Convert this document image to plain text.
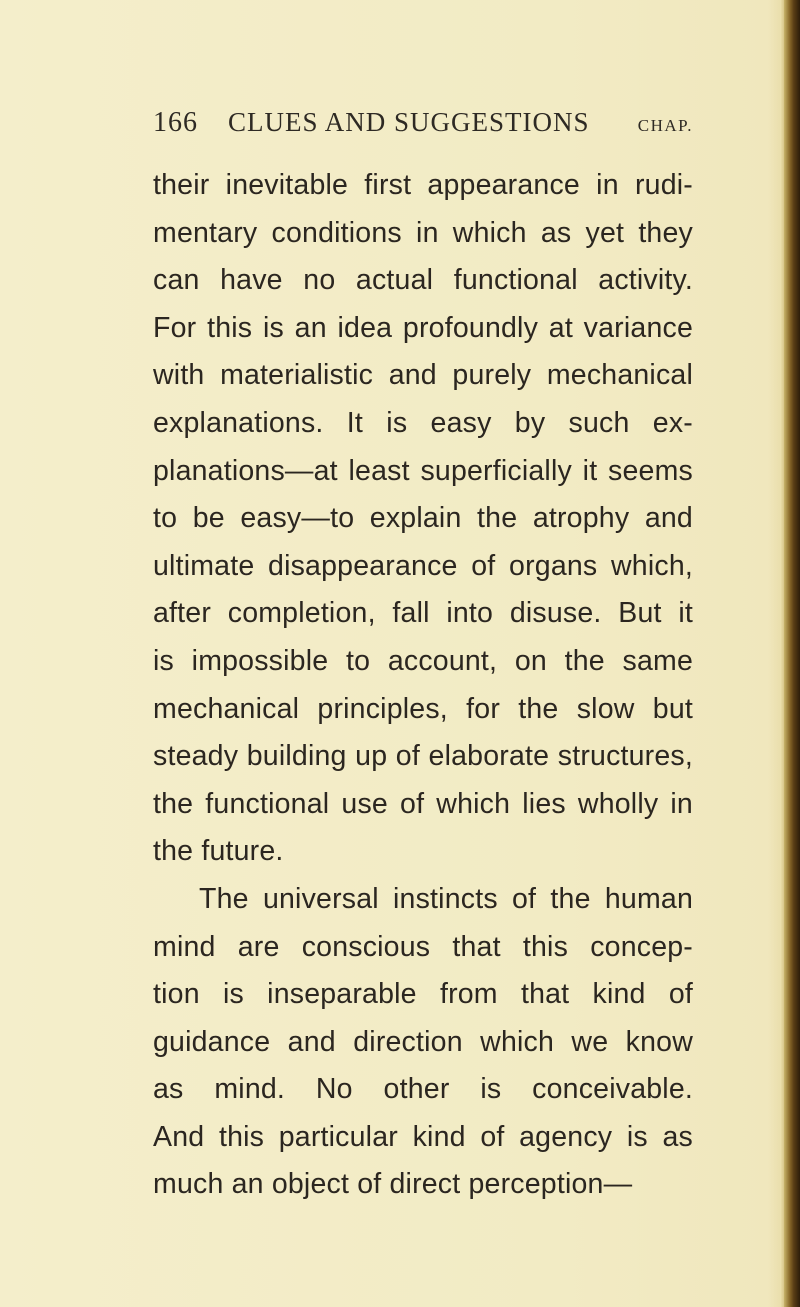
166 CLUES AND SUGGESTIONS	CHAP.
their inevitable first appearance in rudi-
mentary conditions in which as yet they
can have no actual functional activity.
For this is an idea profoundly at variance
with materialistic and purely mechanical
explanations. It is easy by such ex-
planations—at least superficially it seems
to be easy—to explain the atrophy and
ultimate disappearance of organs which,
after completion, fall into disuse. But it
is impossible to account, on the same
mechanical principles, for the slow but
steady building up of elaborate structures,
the functional use of which lies wholly in
the future.
The universal instincts of the human
mind are conscious that this concep-
tion is inseparable from that kind of
guidance and direction which we know
as mind. No other is conceivable.
And this particular kind of agency is as
much an object of direct perception—
